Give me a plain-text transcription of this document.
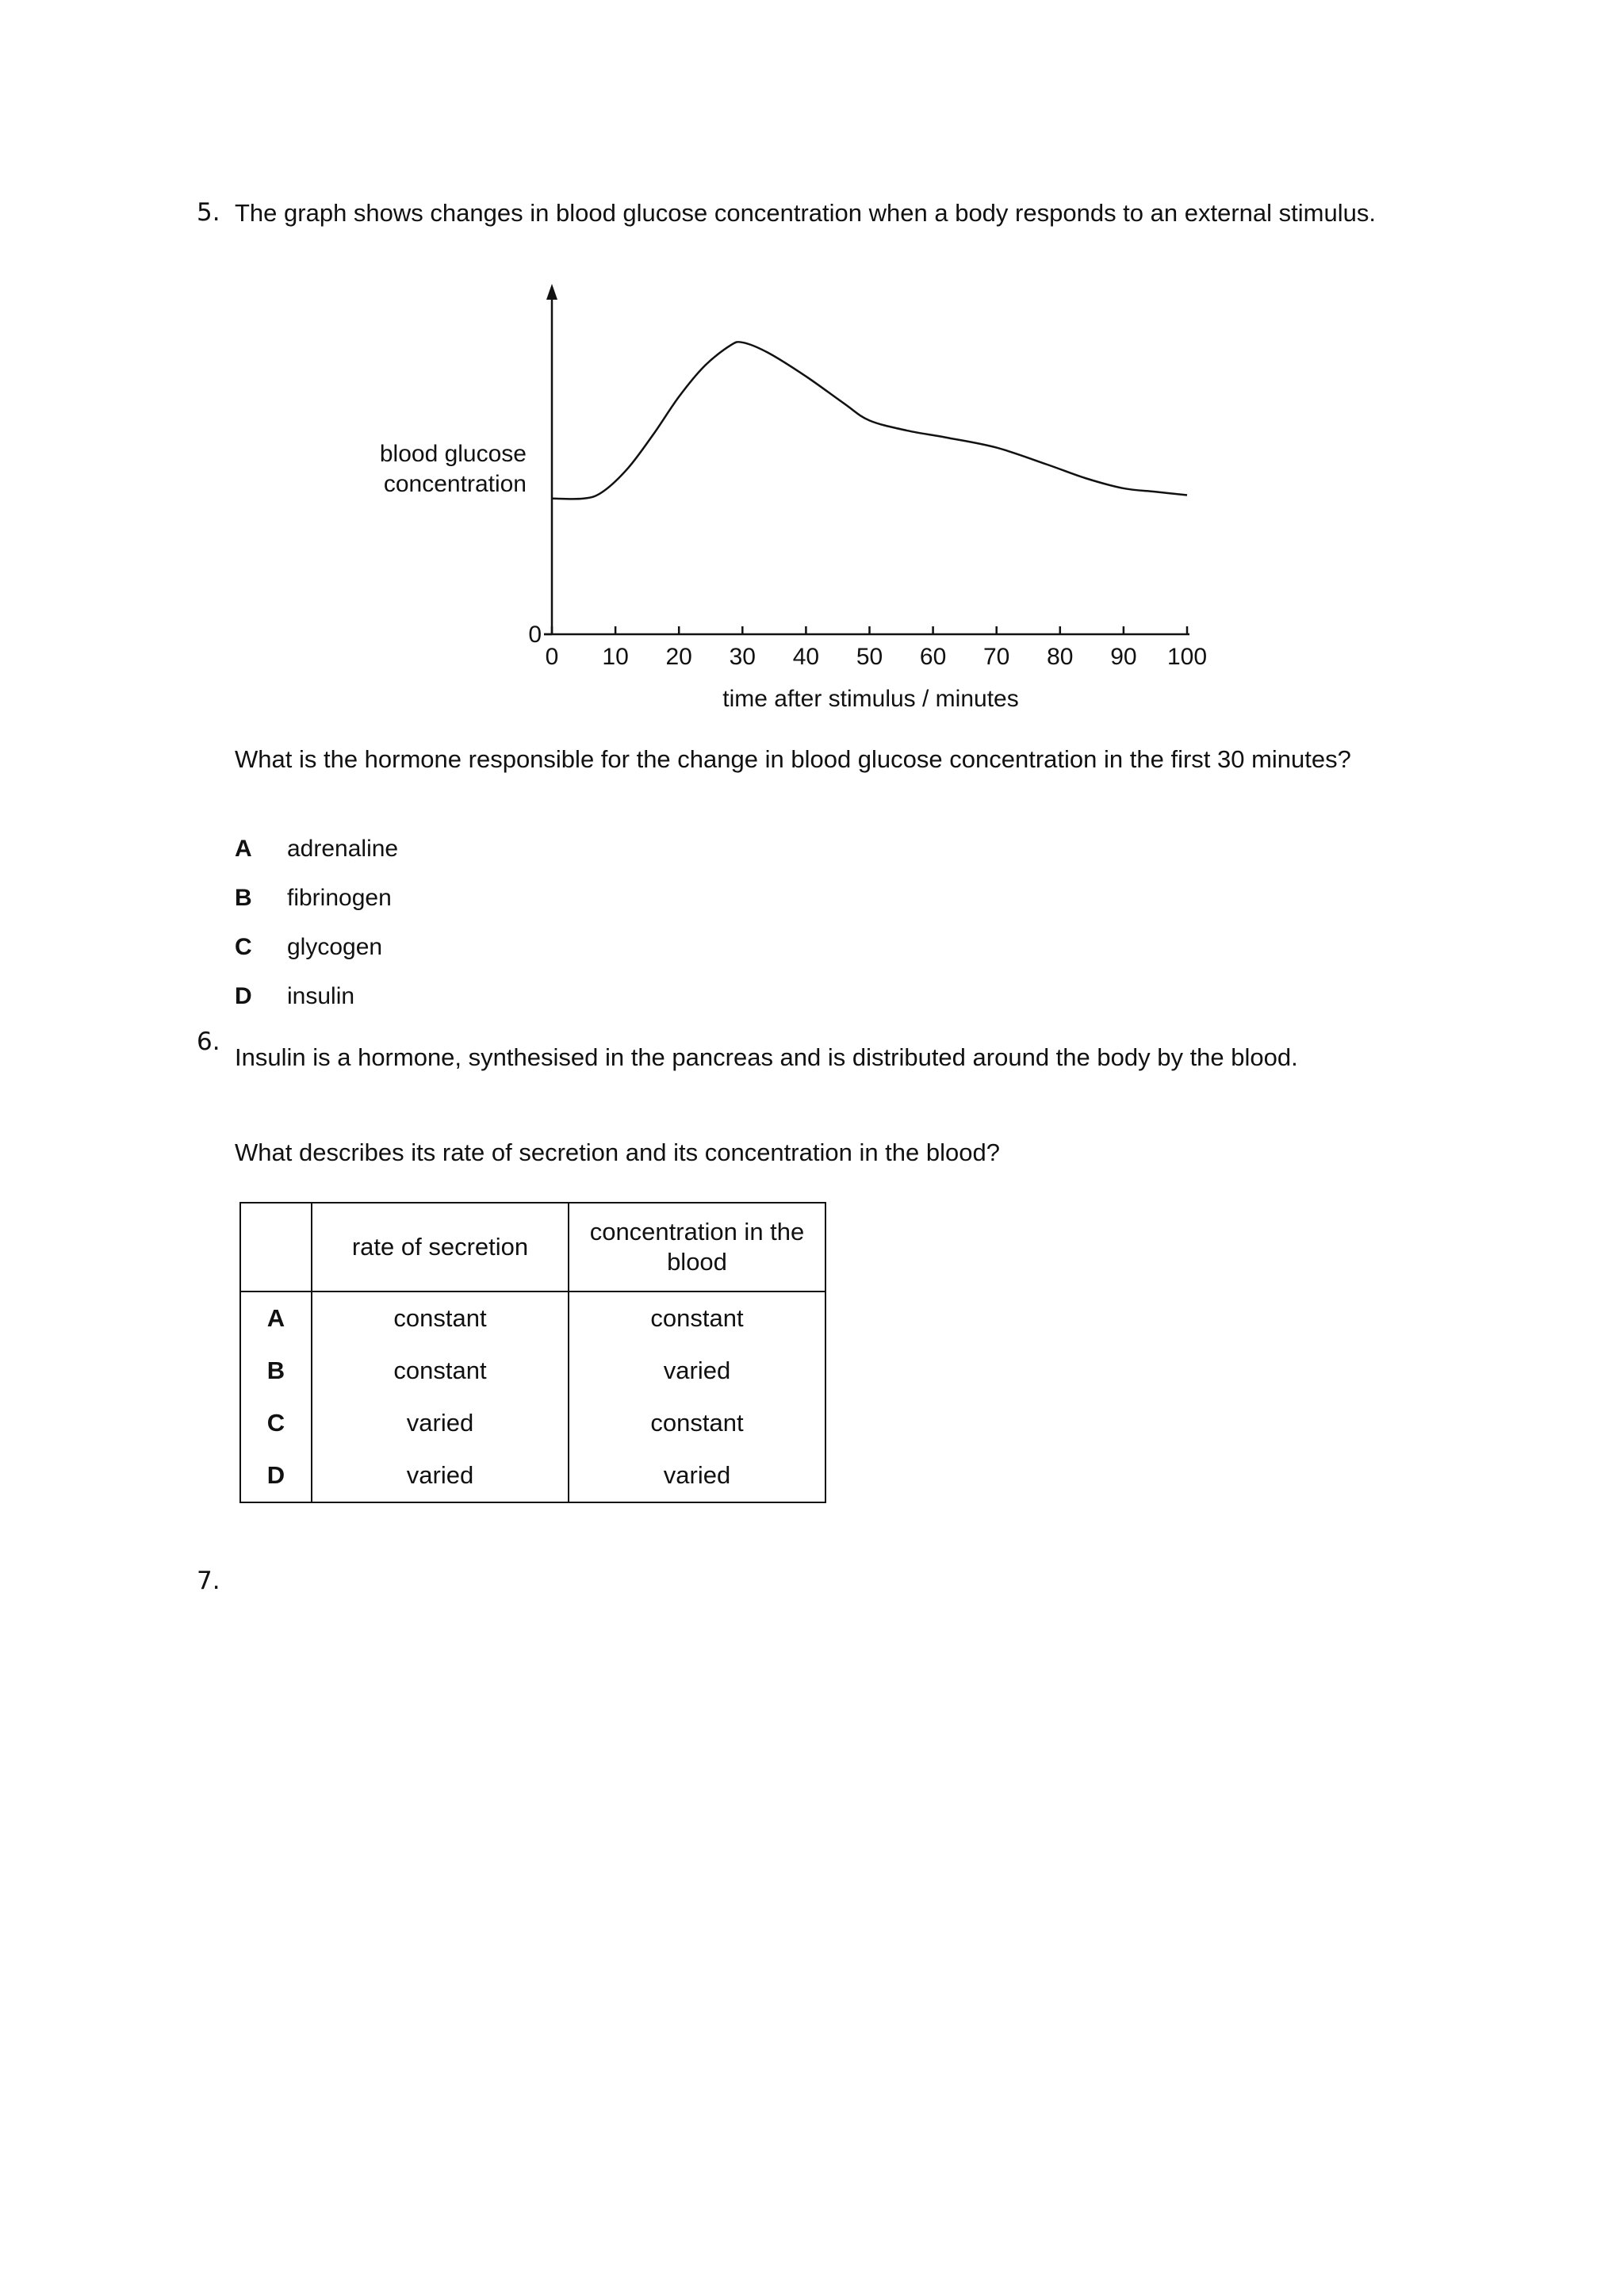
5. The graph shows changes in blood glucose concentration when a body responds to an external stimulus.
blood glucose
concentration
0 10 20 30 40 50 60 70 80 90 100
0
time after stimulus / minutes
What is the hormone responsible for the change in blood glucose concentration in the first 30 minutes?
A adrenaline
B fibrinogen
C glycogen
D insulin
6.
Insulin is a hormone, synthesised in the pancreas and is distributed around the body by the blood.
What describes its rate of secretion and its concentration in the blood?
	rate of secretion	concentration in the blood
A	constant	constant
B	constant	varied
C	varied	constant
D	varied	varied
7.
